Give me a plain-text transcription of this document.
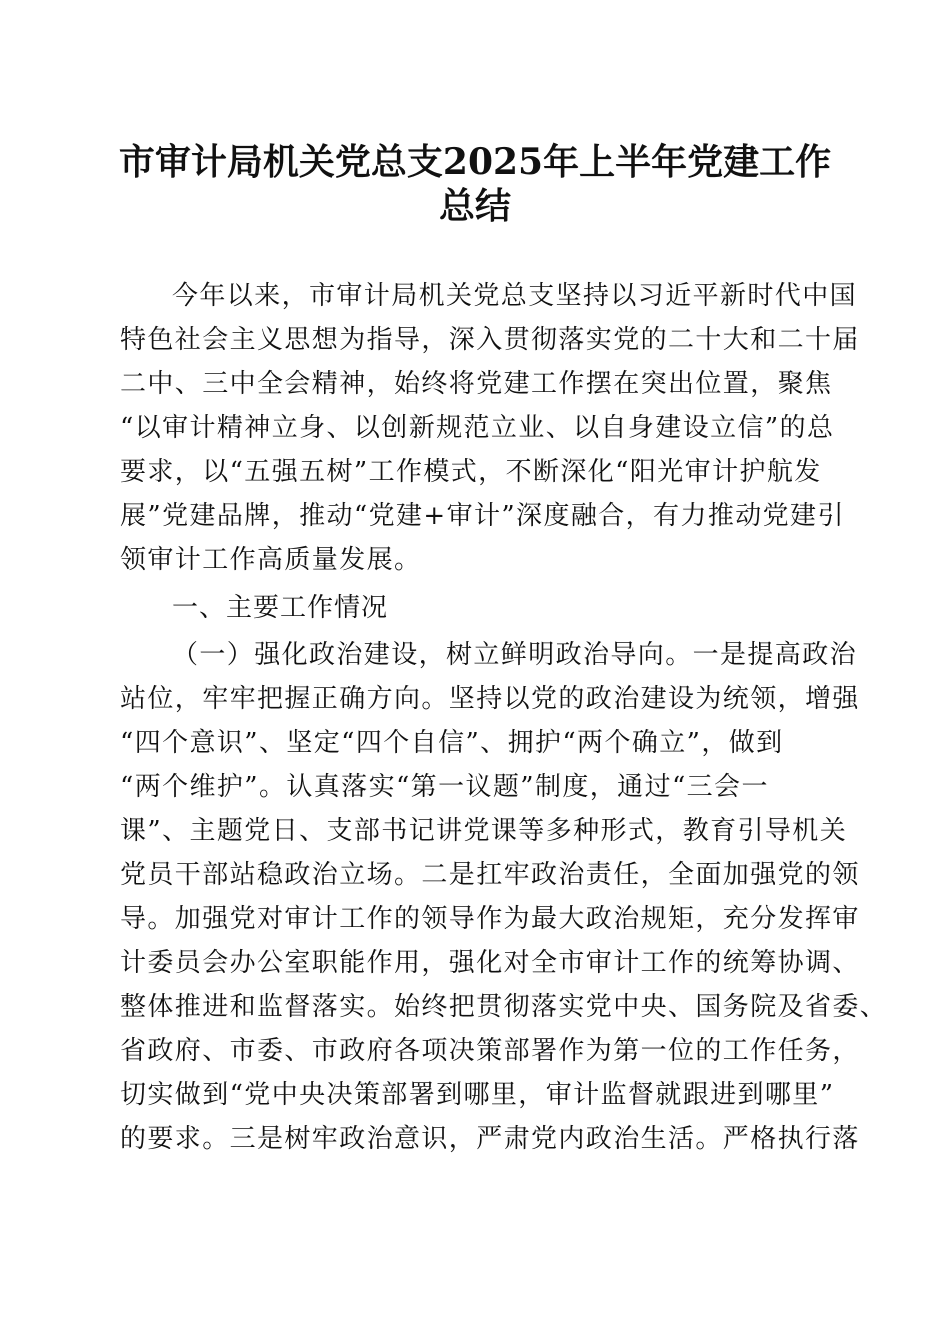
市审计局机关党总支2025年上半年党建工作
总结

今年以来，市审计局机关党总支坚持以习近平新时代中国

特色社会主义思想为指导，深入贯彻落实党的二十大和二十届

二中、三中全会精神，始终将党建工作摆在突出位置，聚焦

“以审计精神立身、以创新规范立业、以自身建设立信”的总

要求，以“五强五树”工作模式，不断深化“阳光审计护航发

展”党建品牌，推动“党建+审计”深度融合，有力推动党建引

领审计工作高质量发展。

一、主要工作情况

（一）强化政治建设，树立鲜明政治导向。一是提高政治

站位，牢牢把握正确方向。坚持以党的政治建设为统领，增强

“四个意识”、坚定“四个自信”、拥护“两个确立”，做到

“两个维护”。认真落实“第一议题”制度，通过“三会一

课”、主题党日、支部书记讲党课等多种形式，教育引导机关

党员干部站稳政治立场。二是扛牢政治责任，全面加强党的领

导。加强党对审计工作的领导作为最大政治规矩，充分发挥审

计委员会办公室职能作用，强化对全市审计工作的统筹协调、

整体推进和监督落实。始终把贯彻落实党中央、国务院及省委、

省政府、市委、市政府各项决策部署作为第一位的工作任务，

切实做到“党中央决策部署到哪里，审计监督就跟进到哪里”

的要求。三是树牢政治意识，严肃党内政治生活。严格执行落
